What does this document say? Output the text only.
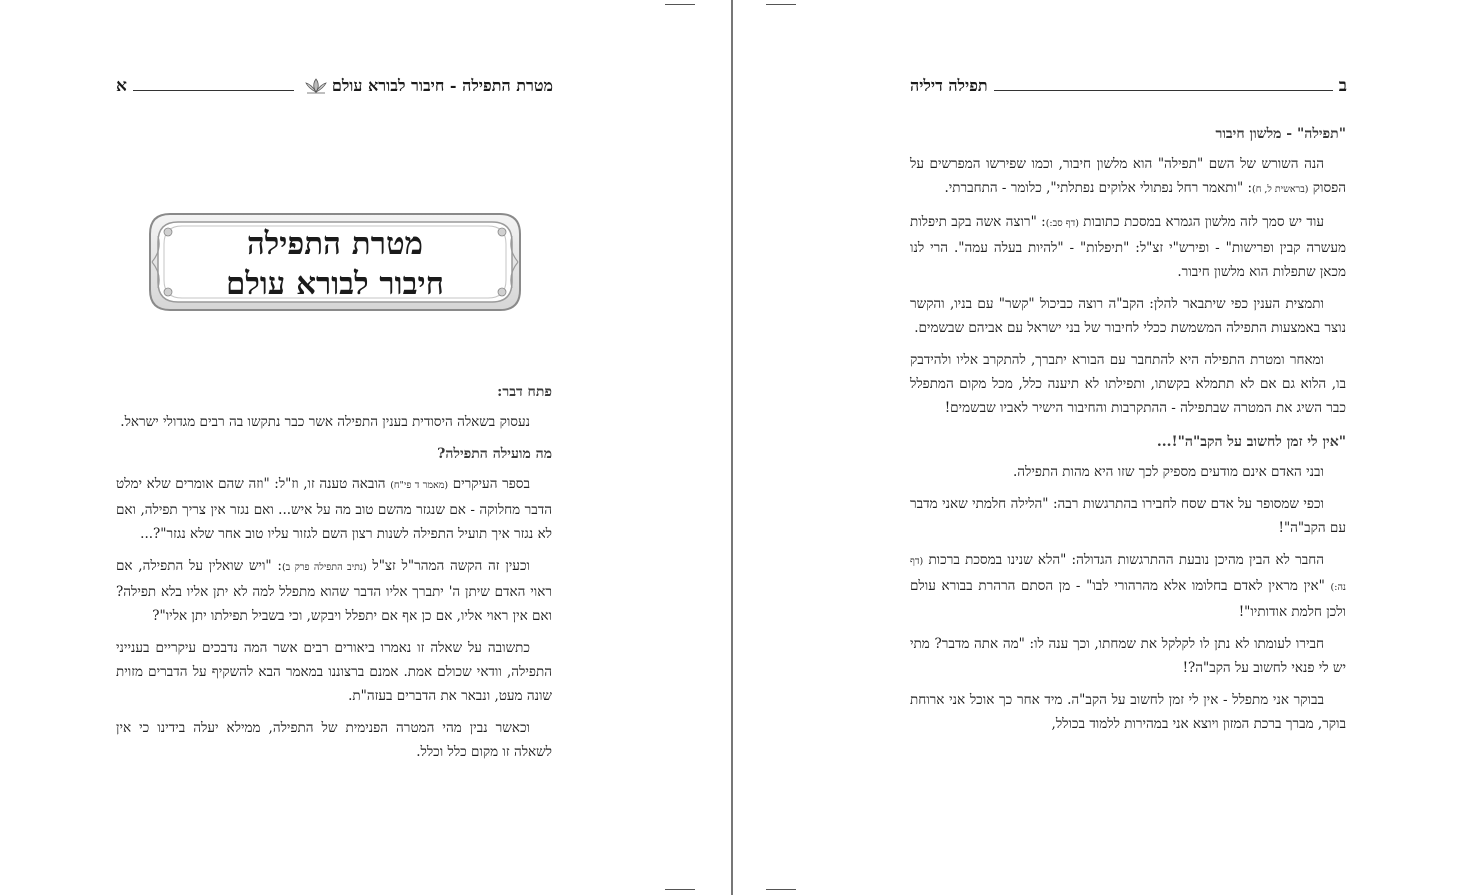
מטרת התפילה - חיבור לבורא עולם
א
מטרת התפילה
חיבור לבורא עולם
פתח דבר:

נעסוק בשאלה היסודית בענין התפילה אשר כבר נתקשו בה רבים מגדולי ישראל.

מה מועילה התפילה?

בספר העיקרים (מאמר ד פי"ח) הובאה טענה זו, וז"ל: "וזה שהם אומרים שלא ימלט הדבר מחלוקה - אם שנגזר מהשם טוב מה על איש... ואם נגזר אין צריך תפילה, ואם לא נגזר איך תועיל התפילה לשנות רצון השם לגזור עליו טוב אחר שלא נגזר"?...

וכעין זה הקשה המהר"ל זצ"ל (נתיב התפילה פרק ב): "ויש שואלין על התפילה, אם ראוי האדם שיתן ה' יתברך אליו הדבר שהוא מתפלל למה לא יתן אליו בלא תפילה? ואם אין ראוי אליו, אם כן אף אם יתפלל ויבקש, וכי בשביל תפילתו יתן אליו"?

כתשובה על שאלה זו נאמרו ביאורים רבים אשר המה נדבכים עיקריים בענייני התפילה, וודאי שכולם אמת. אמנם ברצוננו במאמר הבא להשקיף על הדברים מזוית שונה מעט, ונבאר את הדברים בעזה"ת.

וכאשר נבין מהי המטרה הפנימית של התפילה, ממילא יעלה בידינו כי אין לשאלה זו מקום כלל וכלל.

ב
תפילה דיליה
"תפילה" - מלשון חיבור

הנה השורש של השם "תפילה" הוא מלשון חיבור, וכמו שפירשו המפרשים על הפסוק (בראשית ל, ח): "ותאמר רחל נפתולי אלוקים נפתלתי", כלומר - התחברתי.

עוד יש סמך לזה מלשון הגמרא במסכת כתובות (דף סב:): "רוצה אשה בקב תיפלות מעשרה קבין ופרישות" - ופירש"י זצ"ל: "תיפלות" - "להיות בעלה עמה". הרי לנו מכאן שתפלות הוא מלשון חיבור.

ותמצית הענין כפי שיתבאר להלן: הקב"ה רוצה כביכול "קשר" עם בניו, והקשר נוצר באמצעות התפילה המשמשת ככלי לחיבור של בני ישראל עם אביהם שבשמים.

ומאחר ומטרת התפילה היא להתחבר עם הבורא יתברך, להתקרב אליו ולהידבק בו, הלוא גם אם לא תתמלא בקשתו, ותפילתו לא תיענה כלל, מכל מקום המתפלל כבר השיג את המטרה שבתפילה - ההתקרבות והחיבור הישיר לאביו שבשמים!

"אין לי זמן לחשוב על הקב"ה"!...

ובני האדם אינם מודעים מספיק לכך שזו היא מהות התפילה.

וכפי שמסופר על אדם שסח לחבירו בהתרגשות רבה: "הלילה חלמתי שאני מדבר עם הקב"ה"!

החבר לא הבין מהיכן נובעת ההתרגשות הגדולה: "הלא שנינו במסכת ברכות (דף נה:) "אין מראין לאדם בחלומו אלא מהרהורי לבו" - מן הסתם הרהרת בבורא עולם ולכן חלמת אודותיו"!

חבירו לעומתו לא נתן לו לקלקל את שמחתו, וכך ענה לו: "מה אתה מדבר? מתי יש לי פנאי לחשוב על הקב"ה?!

בבוקר אני מתפלל - אין לי זמן לחשוב על הקב"ה. מיד אחר כך אוכל אני ארוחת בוקר, מברך ברכת המזון ויוצא אני במהירות ללמוד בכולל,
